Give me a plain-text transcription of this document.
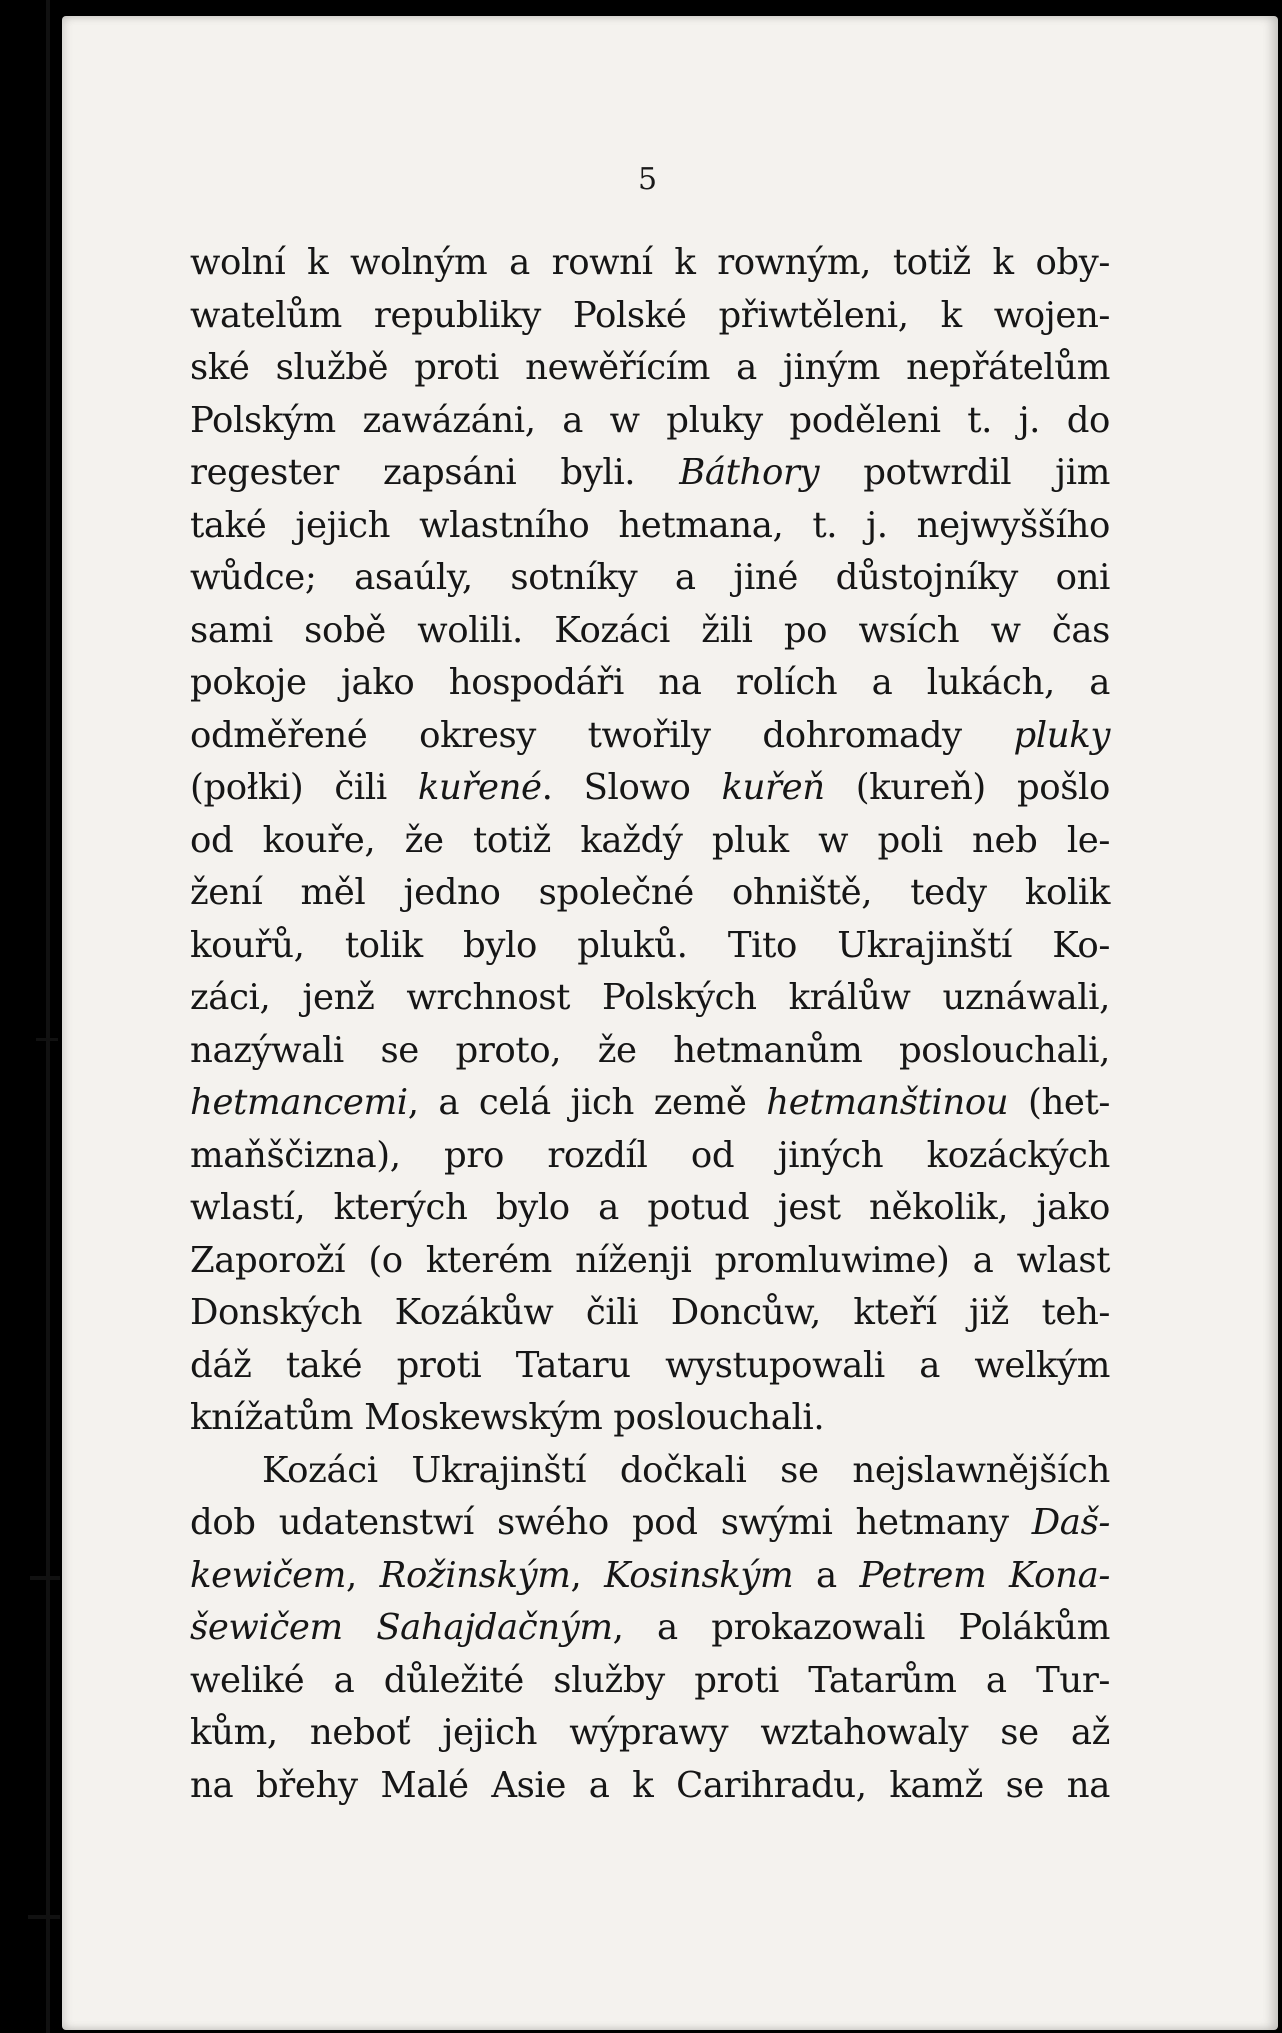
5
wolní k wolným a rowní k rowným, totiž k oby-
watelům republiky Polské přiwtěleni, k wojen-
ské službě proti newěřícím a jiným nepřátelům
Polským zawázáni, a w pluky poděleni t. j. do
regester zapsáni byli. Báthory potwrdil jim
také jejich wlastního hetmana, t. j. nejwyššího
wůdce; asaúly, sotníky a jiné důstojníky oni
sami sobě wolili. Kozáci žili po wsích w čas
pokoje jako hospodáři na rolích a lukách, a
odměřené okresy twořily dohromady pluky
(połki) čili kuřené. Slowo kuřeň (kureň) pošlo
od kouře, že totiž každý pluk w poli neb le-
žení měl jedno společné ohniště, tedy kolik
kouřů, tolik bylo pluků. Tito Ukrajinští Ko-
záci, jenž wrchnost Polských králůw uznáwali,
nazýwali se proto, že hetmanům poslouchali,
hetmancemi, a celá jich země hetmanštinou (het-
maňščizna), pro rozdíl od jiných kozáckých
wlastí, kterých bylo a potud jest několik, jako
Zaporoží (o kterém níženji promluwime) a wlast
Donských Kozákůw čili Doncůw, kteří již teh-
dáž také proti Tataru wystupowali a welkým
knížatům Moskewským poslouchali.
Kozáci Ukrajinští dočkali se nejslawnějších
dob udatenstwí swého pod swými hetmany Daš-
kewičem, Rožinským, Kosinským a Petrem Kona-
šewičem Sahajdačným, a prokazowali Polákům
weliké a důležité služby proti Tatarům a Tur-
kům, neboť jejich wýprawy wztahowaly se až
na břehy Malé Asie a k Carihradu, kamž se na
